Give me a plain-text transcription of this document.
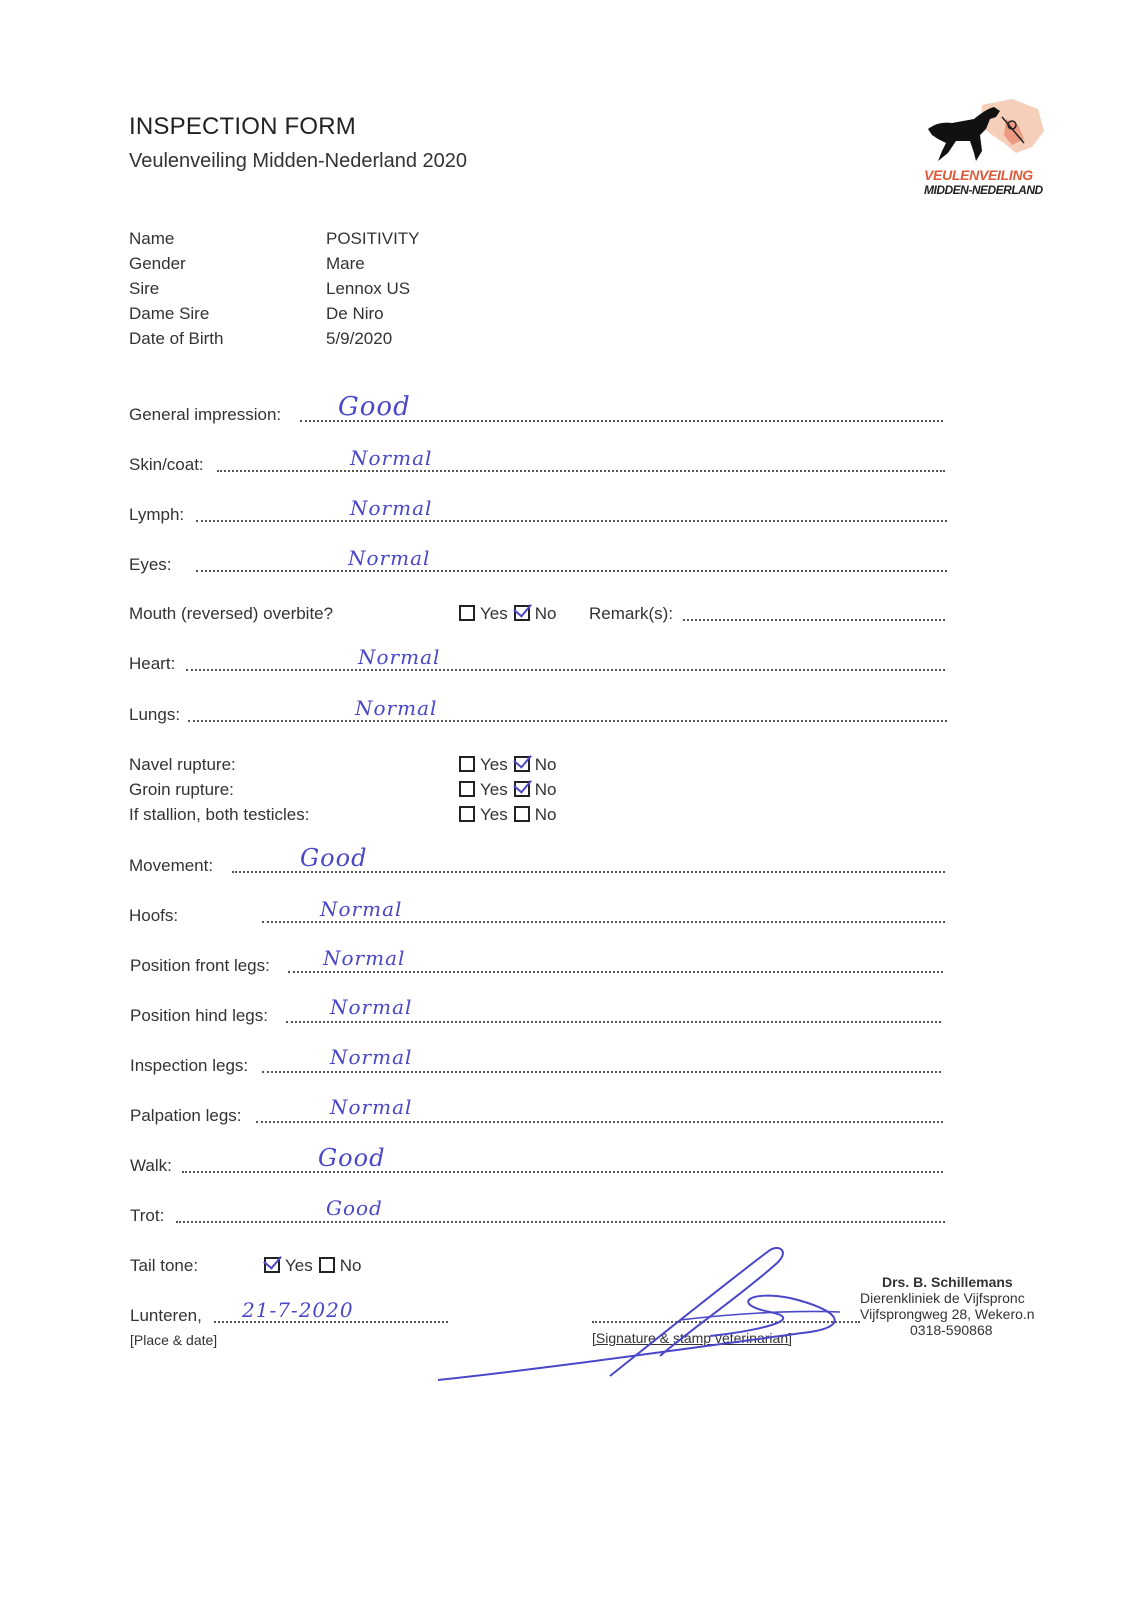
INSPECTION FORM
Veulenveiling Midden-Nederland 2020
VEULENVEILING
MIDDEN-NEDERLAND
Name	POSITIVITY
Gender	Mare
Sire	Lennox US
Dame Sire	De Niro
Date of Birth	5/9/2020
General impression: Good
Skin/coat:	Normal
Lymph:	Normal
Eyes:	Normal
Mouth (reversed) overbite?	Yes No Remark(s):
Heart:	Normal
Lungs:	Normal
Navel rupture:	Yes No
Groin rupture:	Yes No
If stallion, both testicles:	Yes No
Movement:	Good
Hoofs:	Normal
Position front legs:	Normal
Position hind legs:	Normal
Inspection legs:	Normal
Palpation legs:	Normal
Walk:	Good
Trot:	Good
Tail tone:	Yes No
Lunteren, 21-7-2020
[Place & date]	[Signature & stamp veterinarian]
Drs. B. Schillemans
Dierenkliniek de Vijfspronc
Vijfsprongweg 28, Wekero.n
0318-590868
